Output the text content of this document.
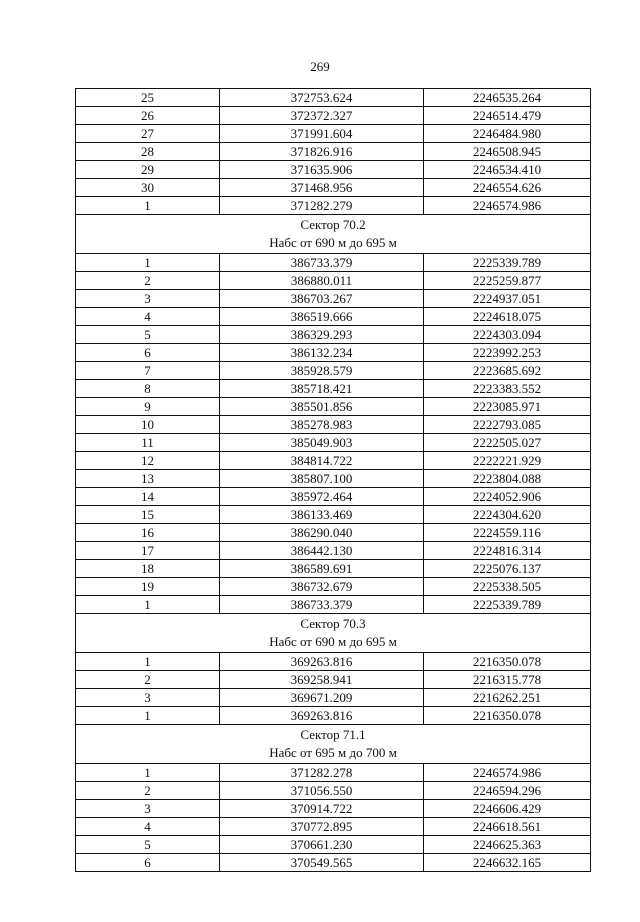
269
25	372753.624	2246535.264
26	372372.327	2246514.479
27	371991.604	2246484.980
28	371826.916	2246508.945
29	371635.906	2246534.410
30	371468.956	2246554.626
1	371282.279	2246574.986

Сектор 70.2
Набс от 690 м до 695 м		

1	386733.379	2225339.789
2	386880.011	2225259.877
3	386703.267	2224937.051
4	386519.666	2224618.075
5	386329.293	2224303.094
6	386132.234	2223992.253
7	385928.579	2223685.692
8	385718.421	2223383.552
9	385501.856	2223085.971
10	385278.983	2222793.085
11	385049.903	2222505.027
12	384814.722	2222221.929
13	385807.100	2223804.088
14	385972.464	2224052.906
15	386133.469	2224304.620
16	386290.040	2224559.116
17	386442.130	2224816.314
18	386589.691	2225076.137
19	386732.679	2225338.505
1	386733.379	2225339.789

Сектор 70.3
Набс от 690 м до 695 м		

1	369263.816	2216350.078
2	369258.941	2216315.778
3	369671.209	2216262.251
1	369263.816	2216350.078

Сектор 71.1
Набс от 695 м до 700 м		

1	371282.278	2246574.986
2	371056.550	2246594.296
3	370914.722	2246606.429
4	370772.895	2246618.561
5	370661.230	2246625.363
6	370549.565	2246632.165
